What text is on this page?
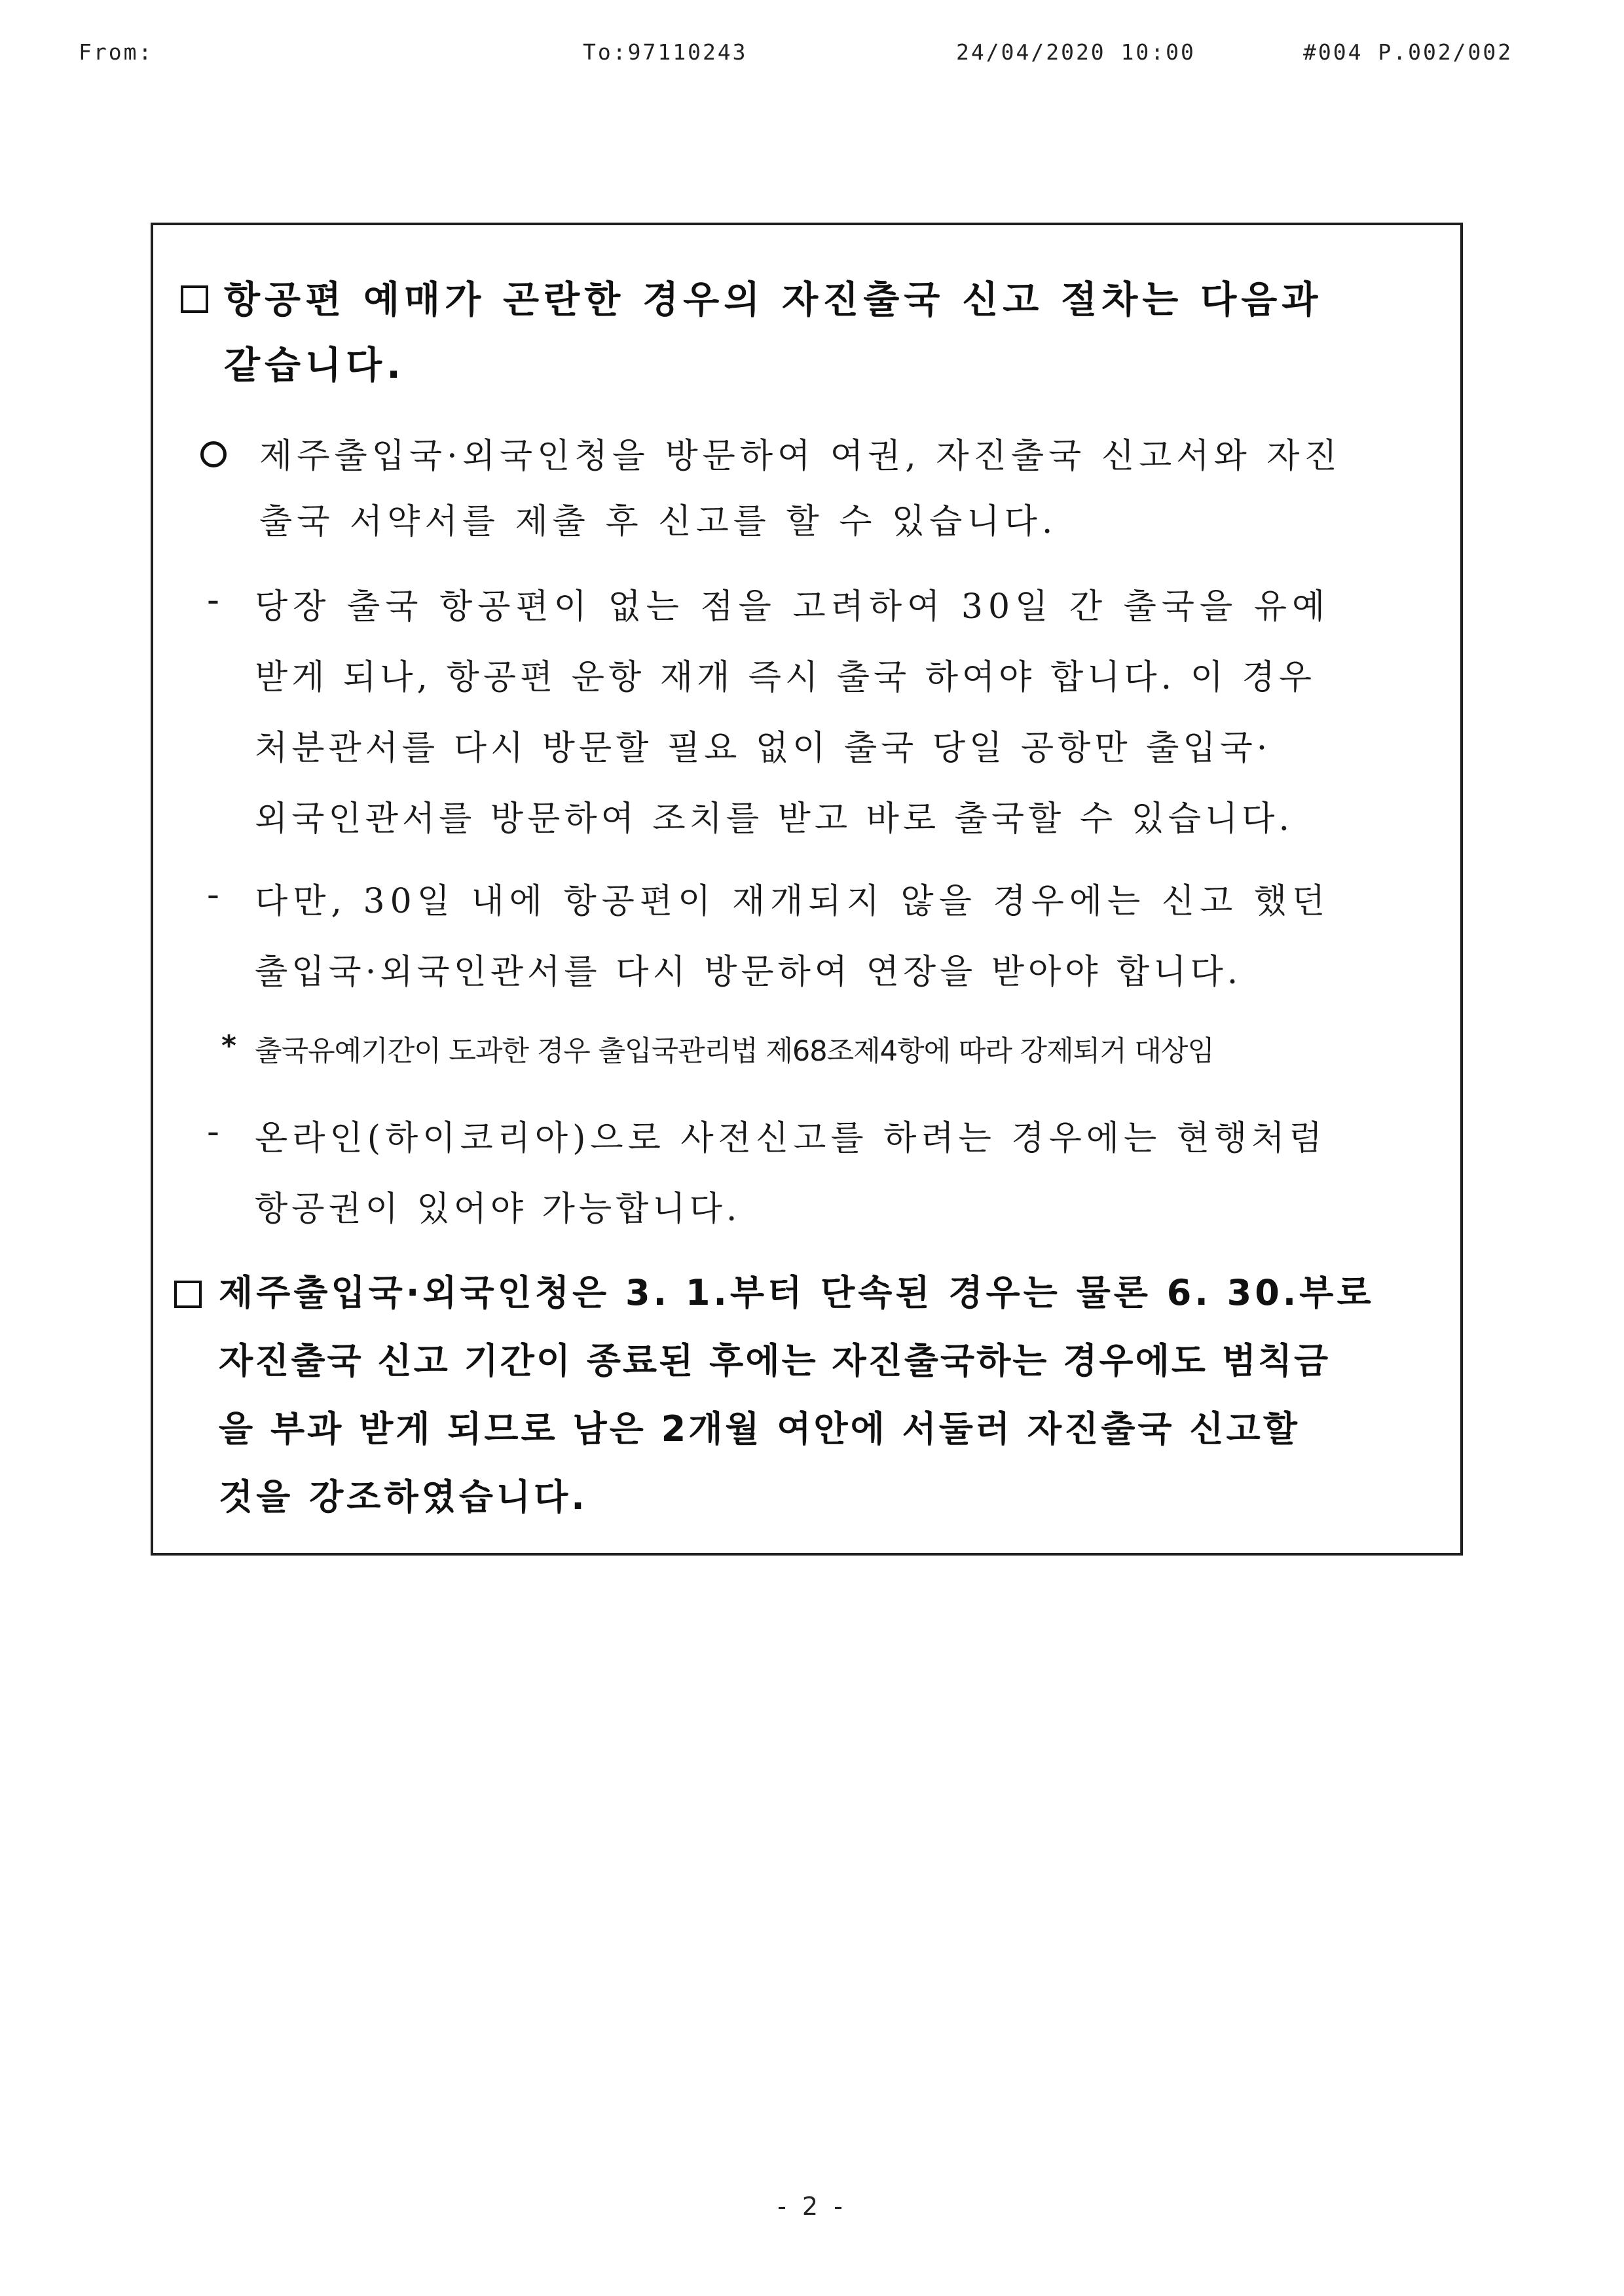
From:	To:97110243	24/04/2020 10:00	#004 P.002/002
항공편 예매가 곤란한 경우의 자진출국 신고 절차는 다음과
같습니다.
제주출입국·외국인청을 방문하여 여권, 자진출국 신고서와 자진
출국 서약서를 제출 후 신고를 할 수 있습니다.
- 당장 출국 항공편이 없는 점을 고려하여 30일 간 출국을 유예
받게 되나, 항공편 운항 재개 즉시 출국 하여야 합니다. 이 경우
처분관서를 다시 방문할 필요 없이 출국 당일 공항만 출입국·
외국인관서를 방문하여 조치를 받고 바로 출국할 수 있습니다.
- 다만, 30일 내에 항공편이 재개되지 않을 경우에는 신고 했던
출입국·외국인관서를 다시 방문하여 연장을 받아야 합니다.
* 출국유예기간이 도과한 경우 출입국관리법 제68조제4항에 따라 강제퇴거 대상임
- 온라인(하이코리아)으로 사전신고를 하려는 경우에는 현행처럼
항공권이 있어야 가능합니다.
제주출입국·외국인청은 3. 1.부터 단속된 경우는 물론 6. 30.부로
자진출국 신고 기간이 종료된 후에는 자진출국하는 경우에도 범칙금
을 부과 받게 되므로 남은 2개월 여안에 서둘러 자진출국 신고할
것을 강조하였습니다.
- 2 -
